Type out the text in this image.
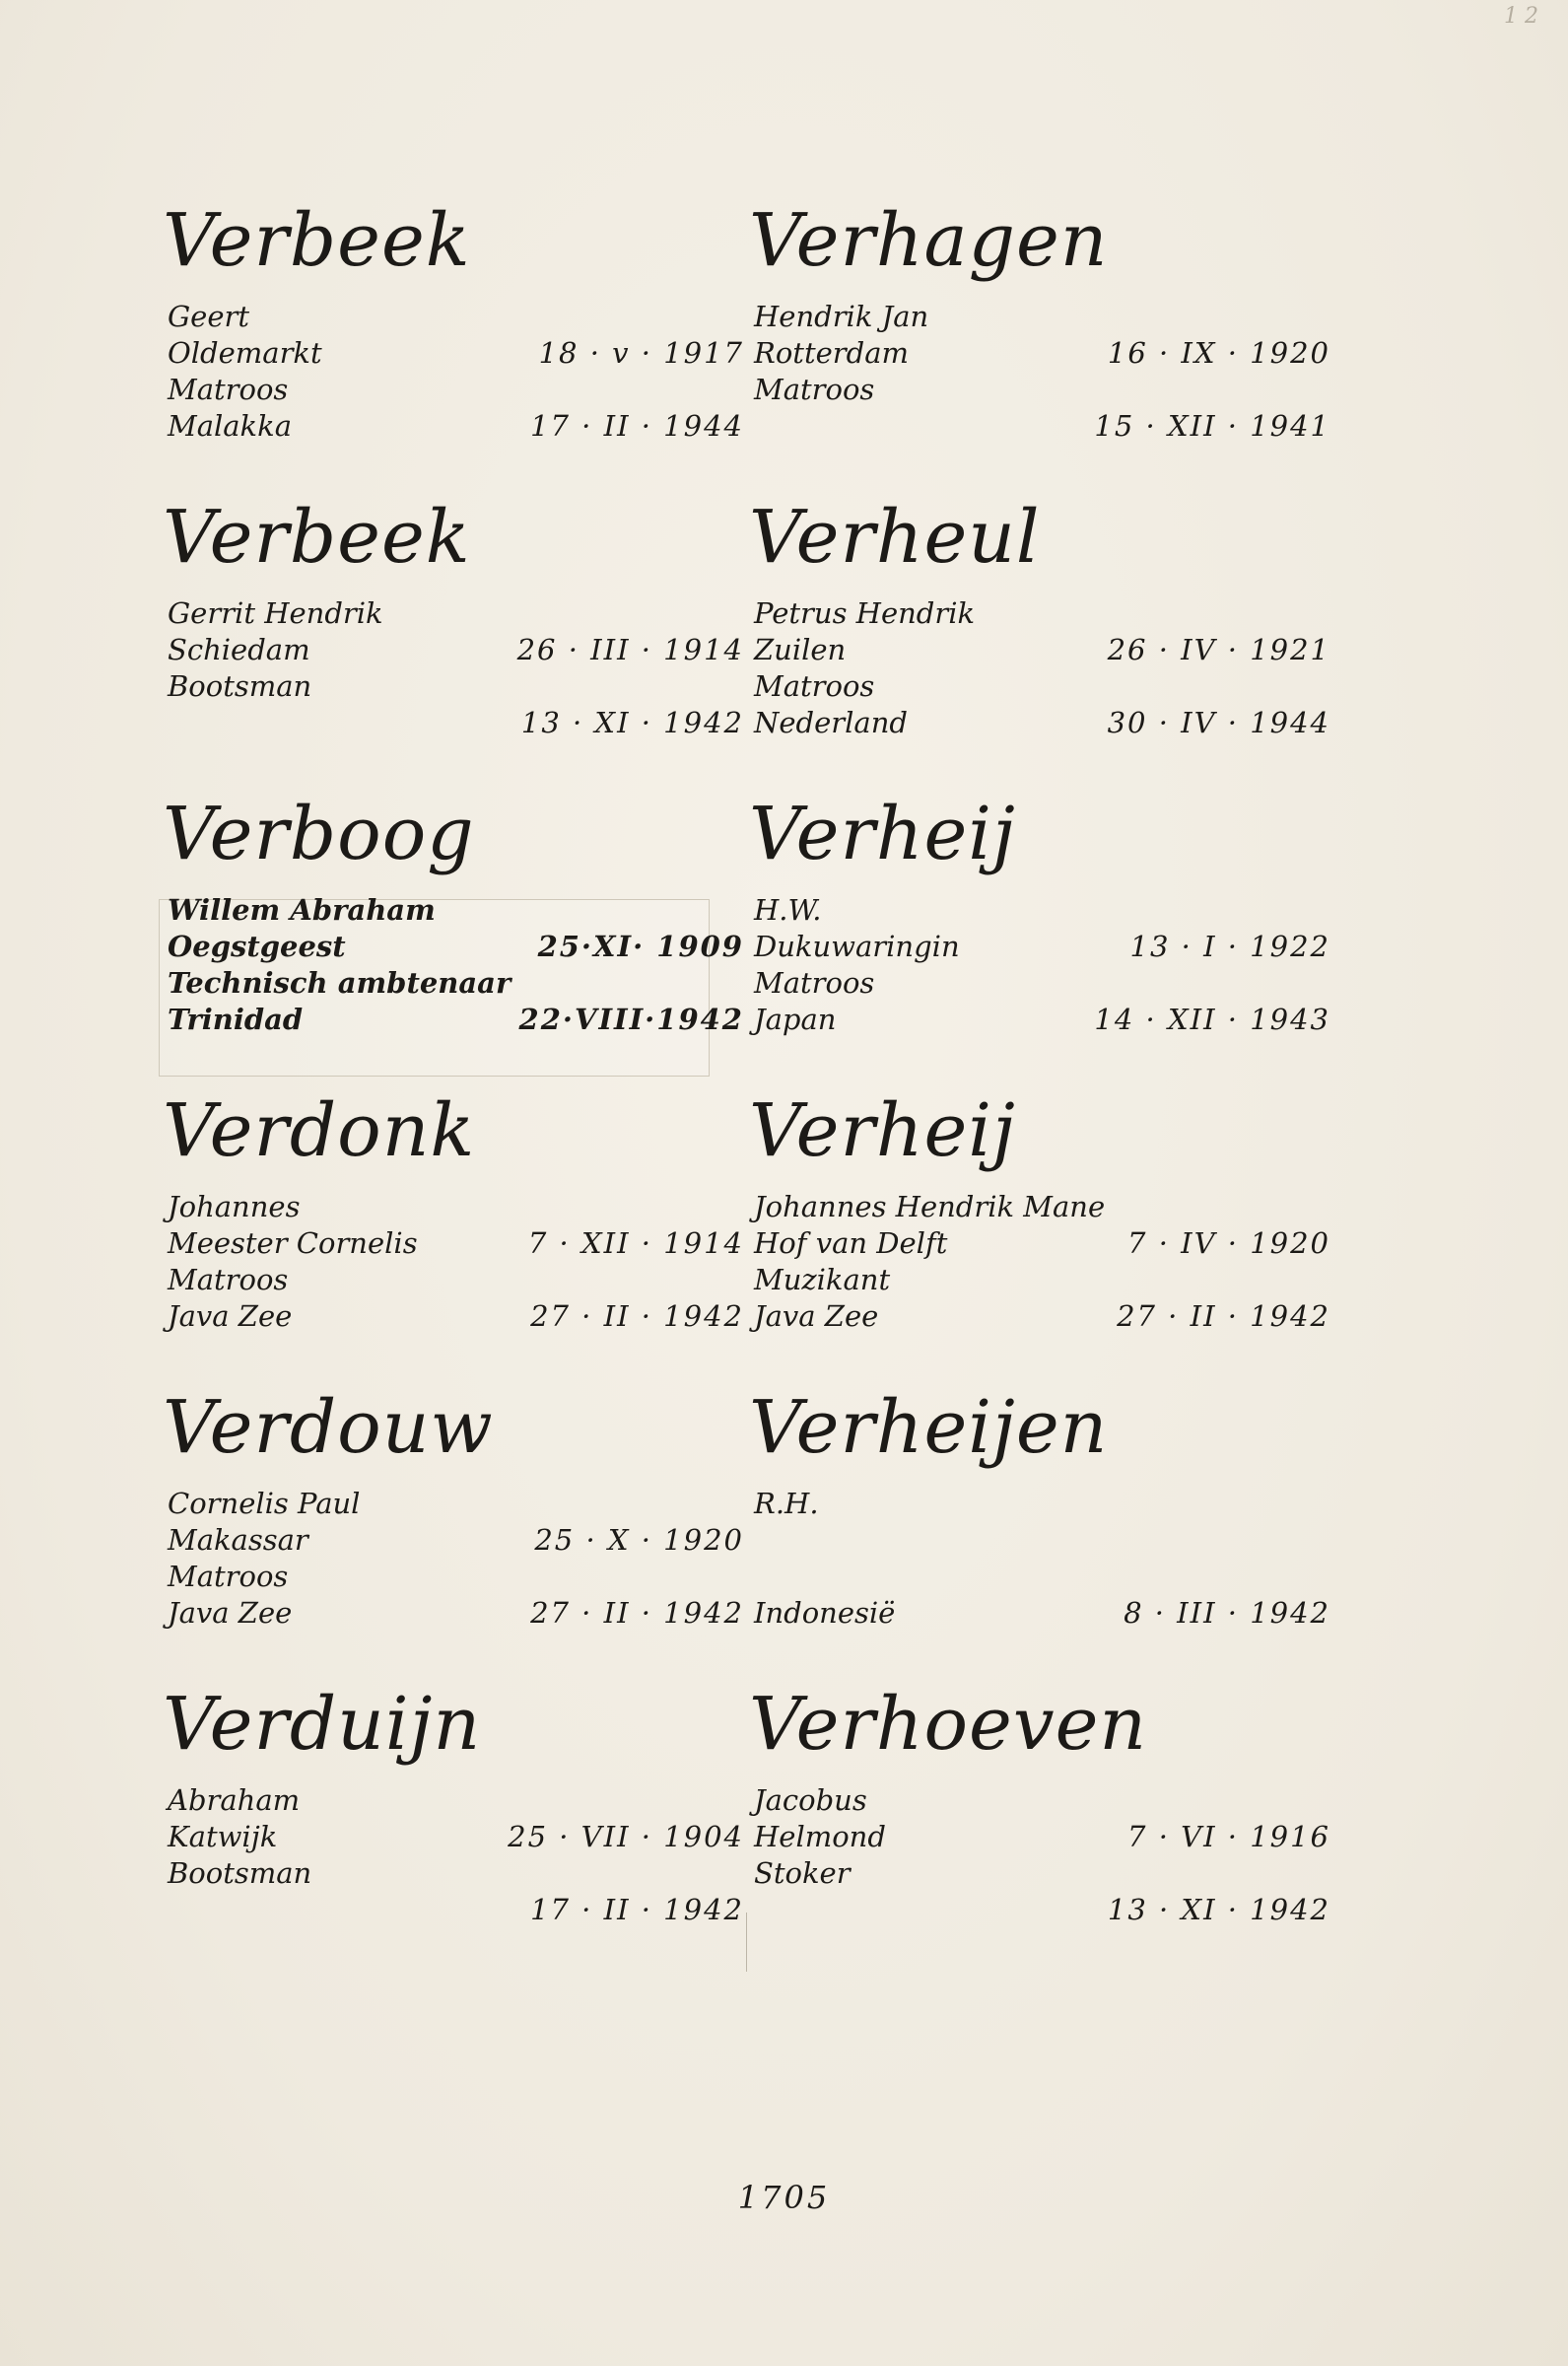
1 2
Verbeek
Geert
Oldemarkt	18 · v · 1917
Matroos
Malakka	17 · II · 1944
Verbeek
Gerrit Hendrik
Schiedam	26 · III · 1914
Bootsman
13 · XI · 1942
Verboog
Willem Abraham
Oegstgeest	25·XI· 1909
Technisch ambtenaar
Trinidad	22·VIII·1942
Verdonk
Johannes
Meester Cornelis	7 · XII · 1914
Matroos
Java Zee	27 · II · 1942
Verdouw
Cornelis Paul
Makassar	25 · X · 1920
Matroos
Java Zee	27 · II · 1942
Verduijn
Abraham
Katwijk	25 · VII · 1904
Bootsman
17 · II · 1942
Verhagen
Hendrik Jan
Rotterdam	16 · IX · 1920
Matroos
15 · XII · 1941
Verheul
Petrus Hendrik
Zuilen	26 · IV · 1921
Matroos
Nederland	30 · IV · 1944
Verheij
H.W.
Dukuwaringin	13 · I · 1922
Matroos
Japan	14 · XII · 1943
Verheij
Johannes Hendrik Mane
Hof van Delft	7 · IV · 1920
Muzikant
Java Zee	27 · II · 1942
Verheijen
R.H.
Indonesië	8 · III · 1942
Verhoeven
Jacobus
Helmond	7 · VI · 1916
Stoker
13 · XI · 1942
1705
